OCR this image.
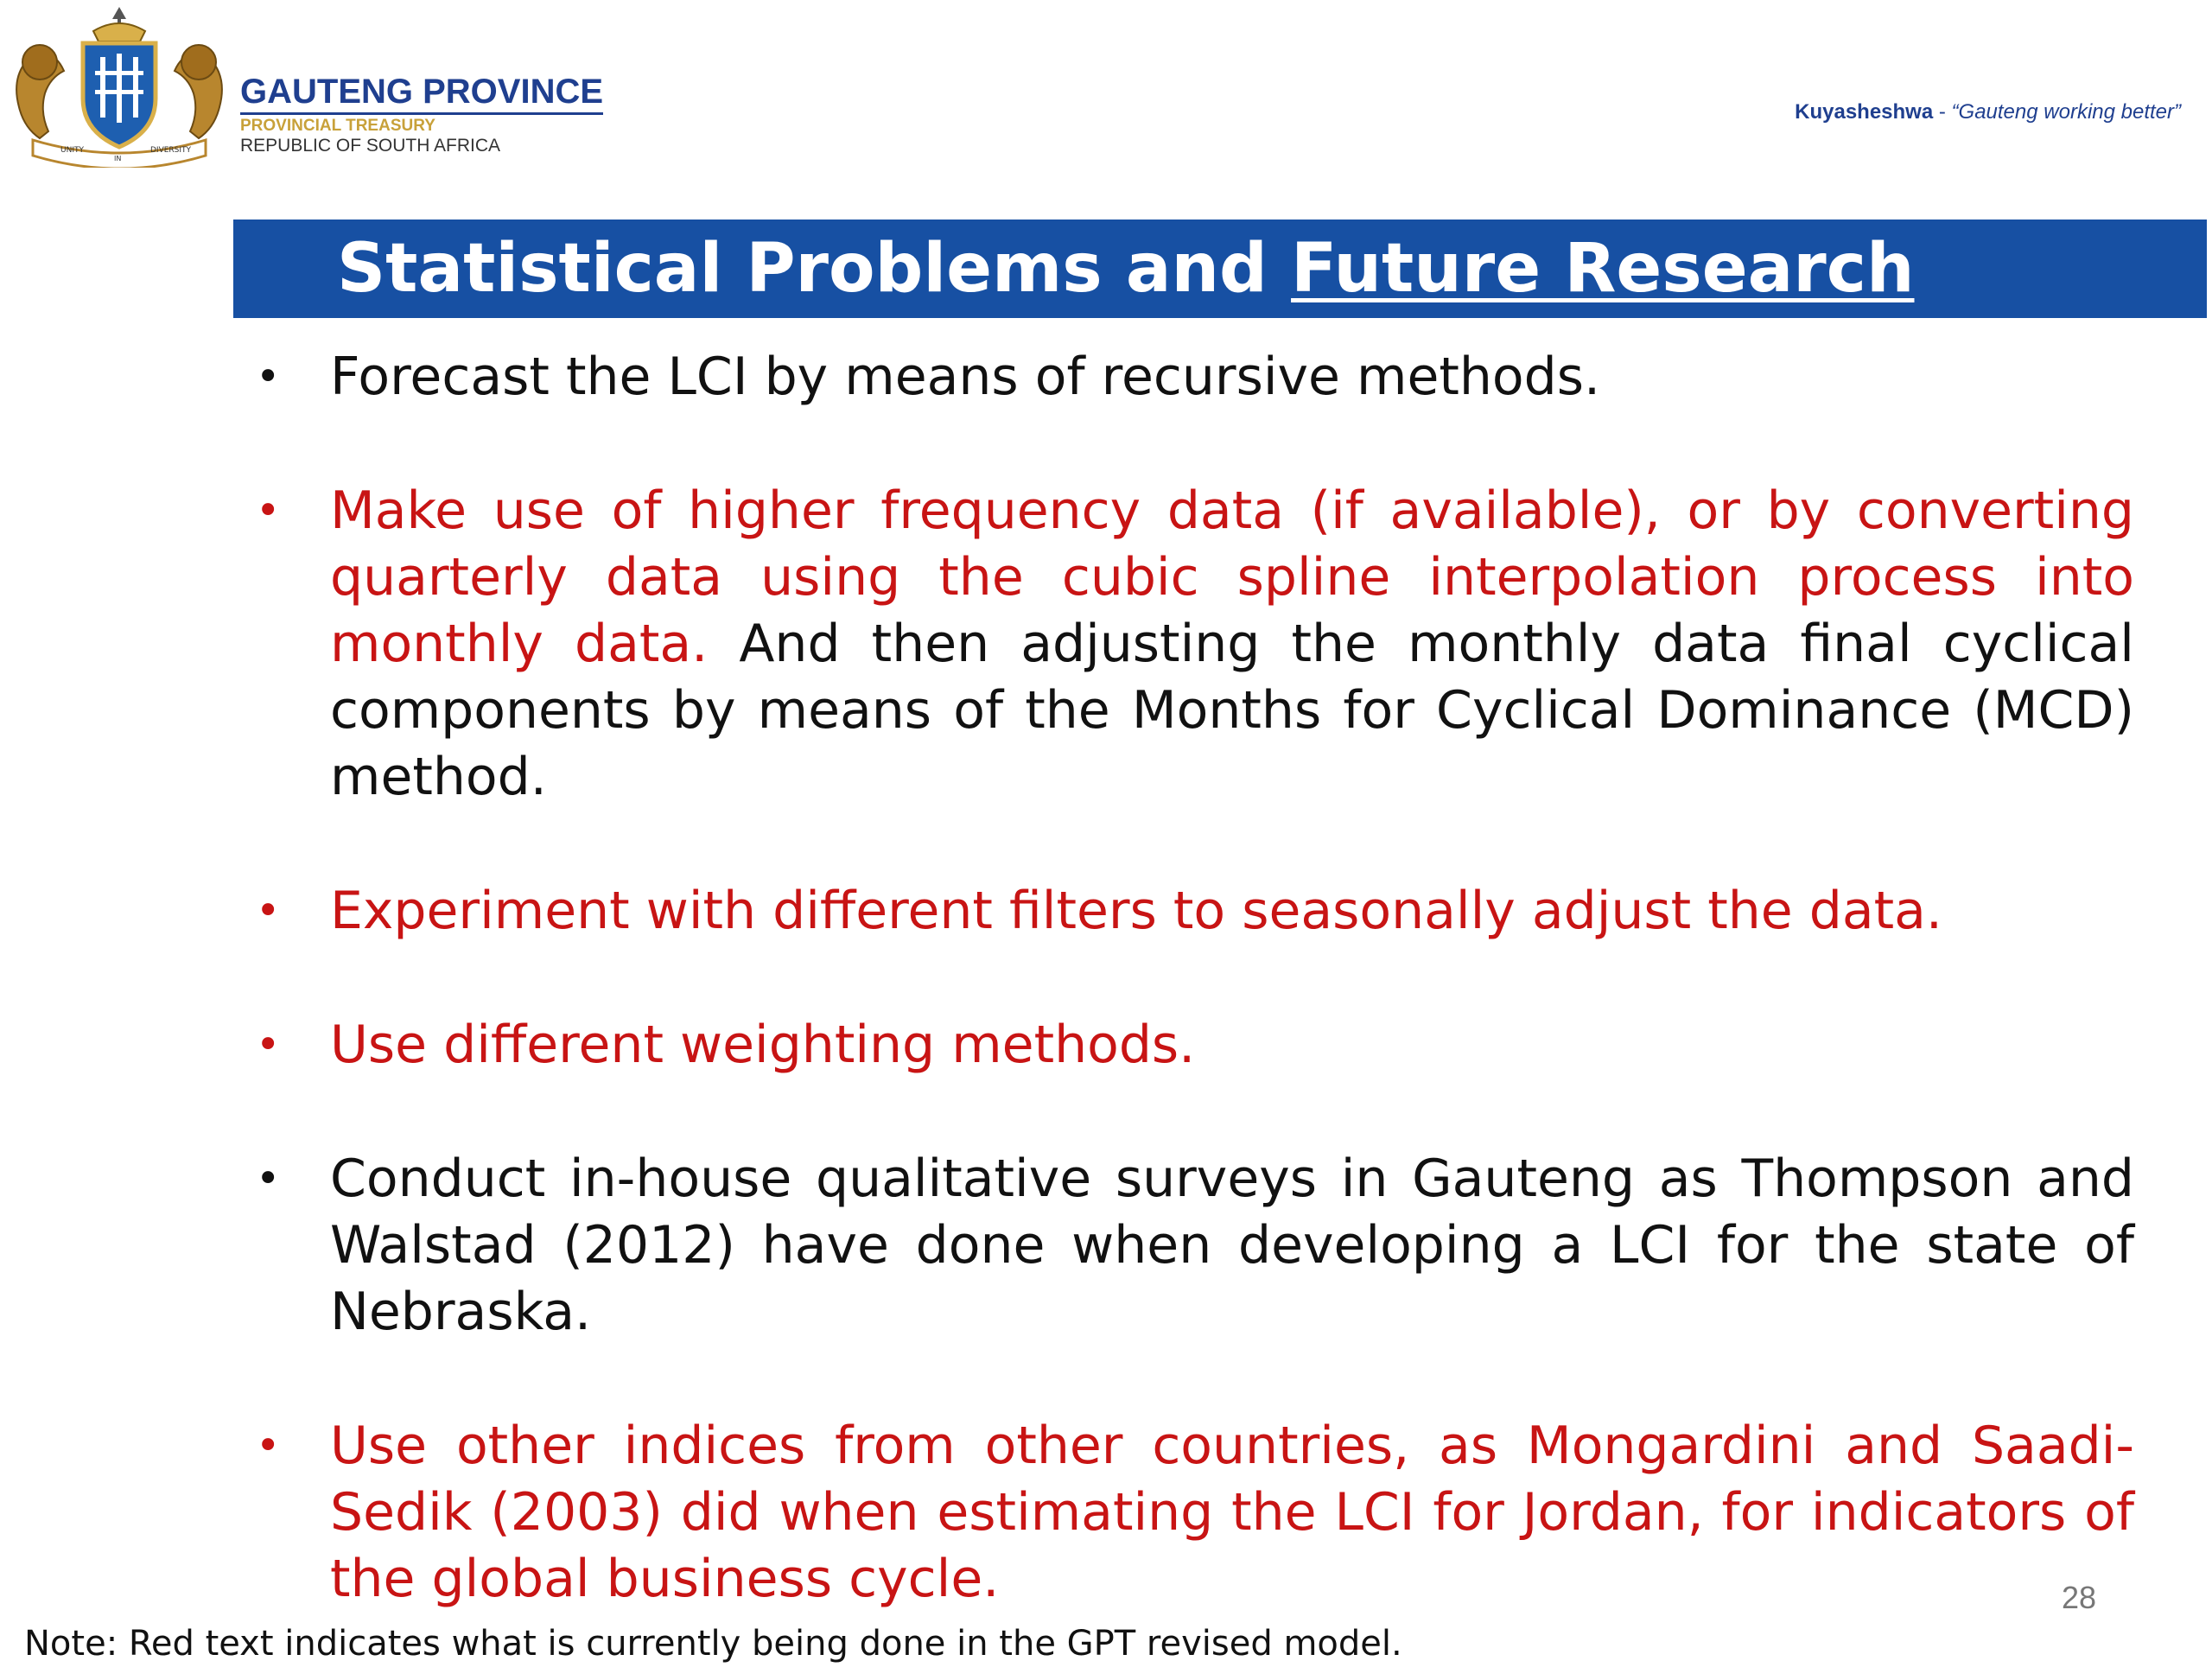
UNITY
IN
DIVERSITY
GAUTENG PROVINCE
PROVINCIAL TREASURY
REPUBLIC OF SOUTH AFRICA
Kuyasheshwa - “Gauteng working better”
Statistical Problems and Future Research
• Forecast the LCI by means of recursive methods.
• Make use of higher frequency data (if available), or by converting quarterly data using the cubic spline interpolation process into monthly data. And then adjusting the monthly data final cyclical components by means of the Months for Cyclical Dominance (MCD) method.
• Experiment with different filters to seasonally adjust the data.
• Use different weighting methods.
• Conduct in-house qualitative surveys in Gauteng as Thompson and Walstad (2012) have done when developing a LCI for the state of Nebraska.
• Use other indices from other countries, as Mongardini and Saadi-Sedik (2003) did when estimating the LCI for Jordan, for indicators of the global business cycle.	28
Note: Red text indicates what is currently being done in the GPT revised model.
